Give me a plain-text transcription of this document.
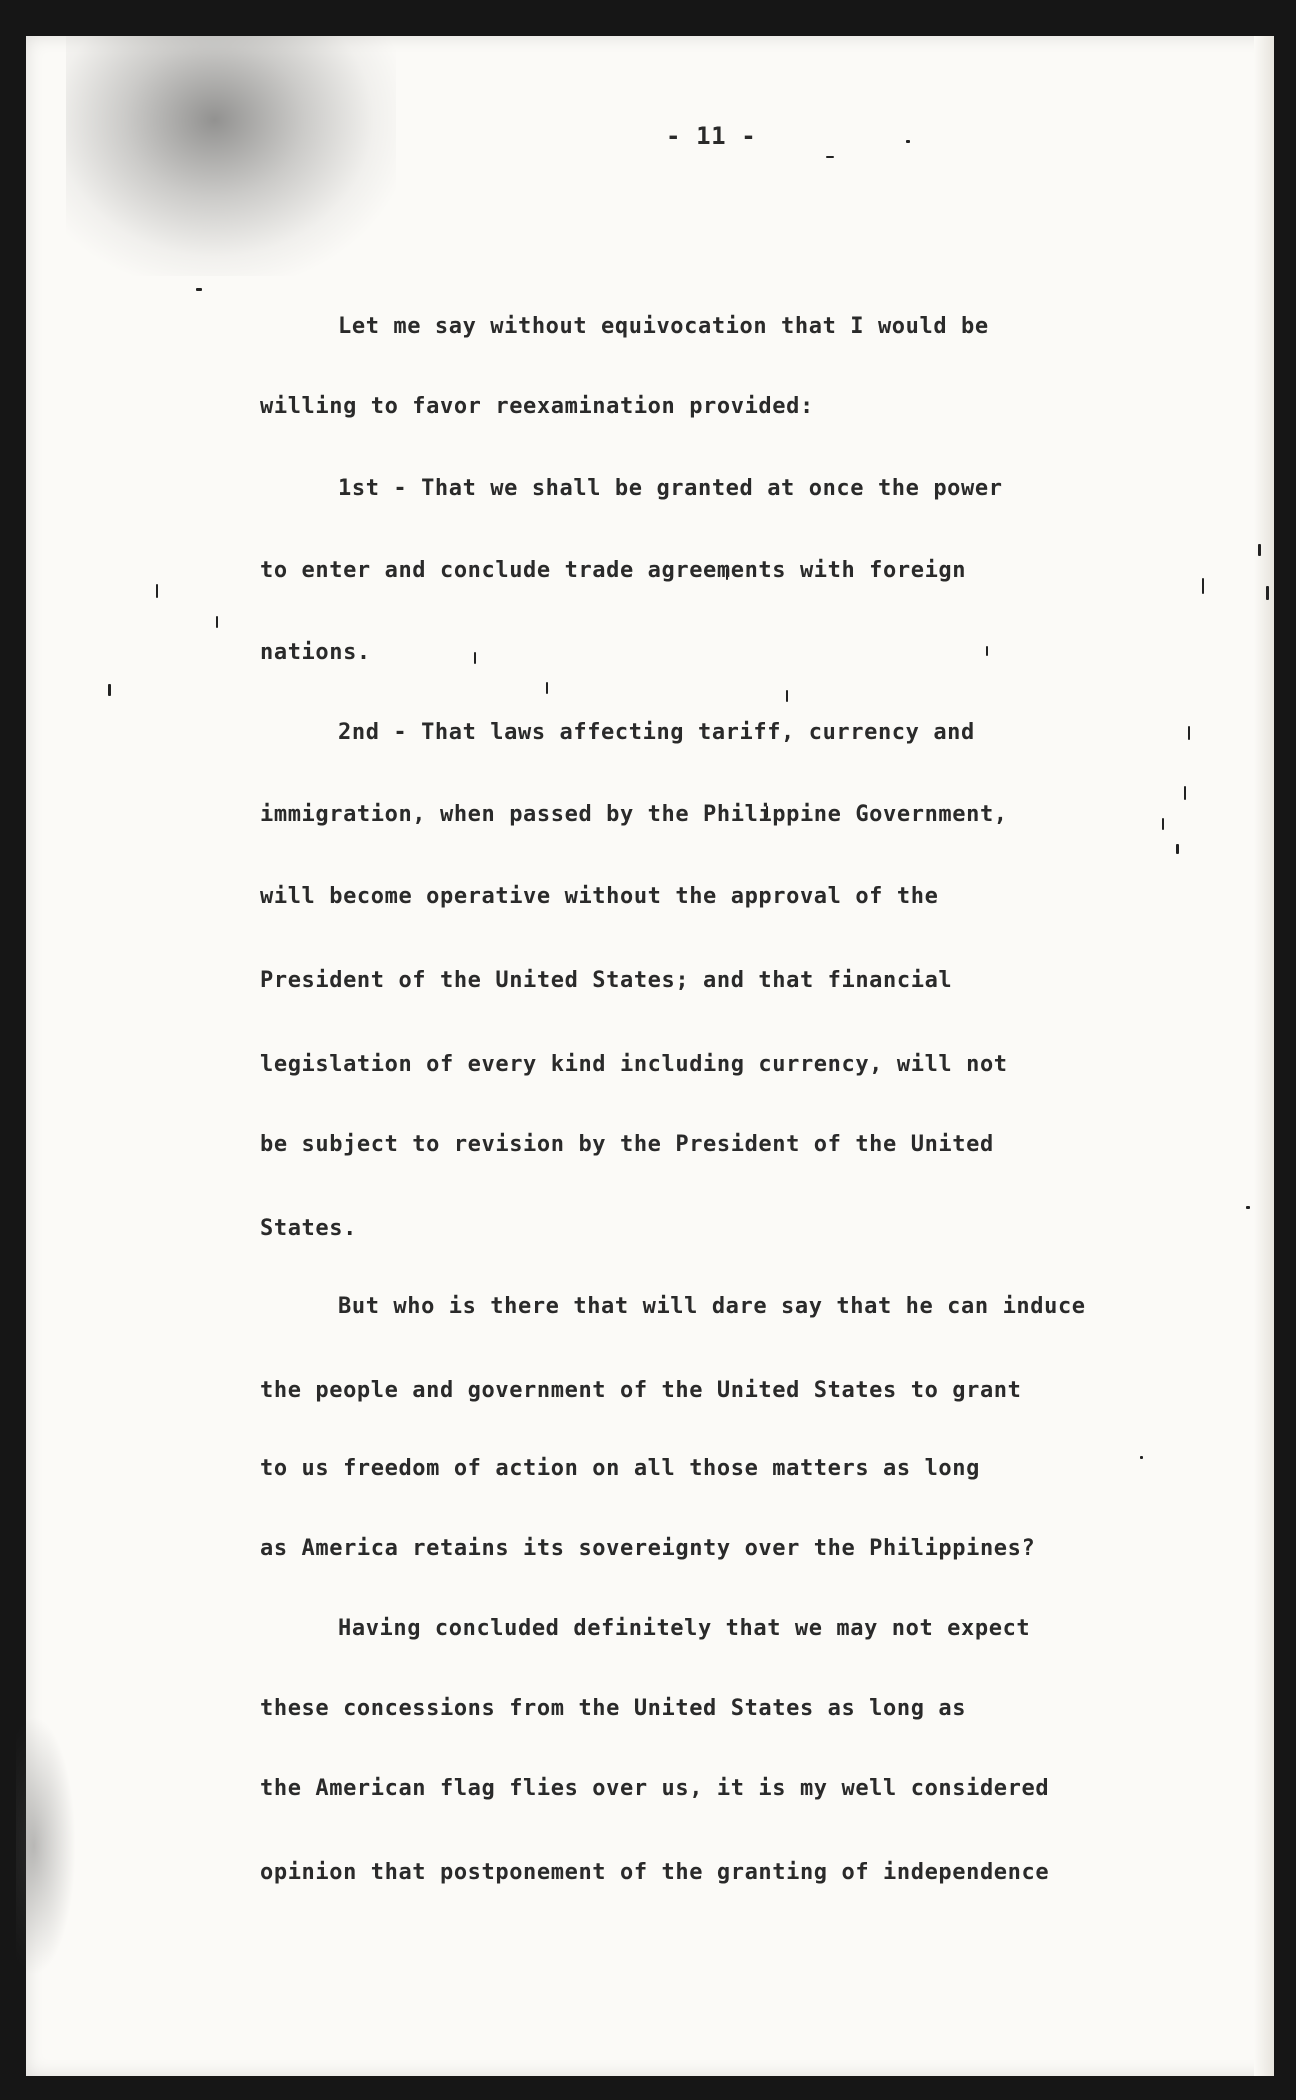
- 11 -
Let me say without equivocation that I would be
willing to favor reexamination provided:
1st - That we shall be granted at once the power
to enter and conclude trade agreements with foreign
nations.
2nd - That laws affecting tariff, currency and
immigration, when passed by the Philippine Government,
will become operative without the approval of the
President of the United States; and that financial
legislation of every kind including currency, will not
be subject to revision by the President of the United
States.
But who is there that will dare say that he can induce
the people and government of the United States to grant
to us freedom of action on all those matters as long
as America retains its sovereignty over the Philippines?
Having concluded definitely that we may not expect
these concessions from the United States as long as
the American flag flies over us, it is my well considered
opinion that postponement of the granting of independence
